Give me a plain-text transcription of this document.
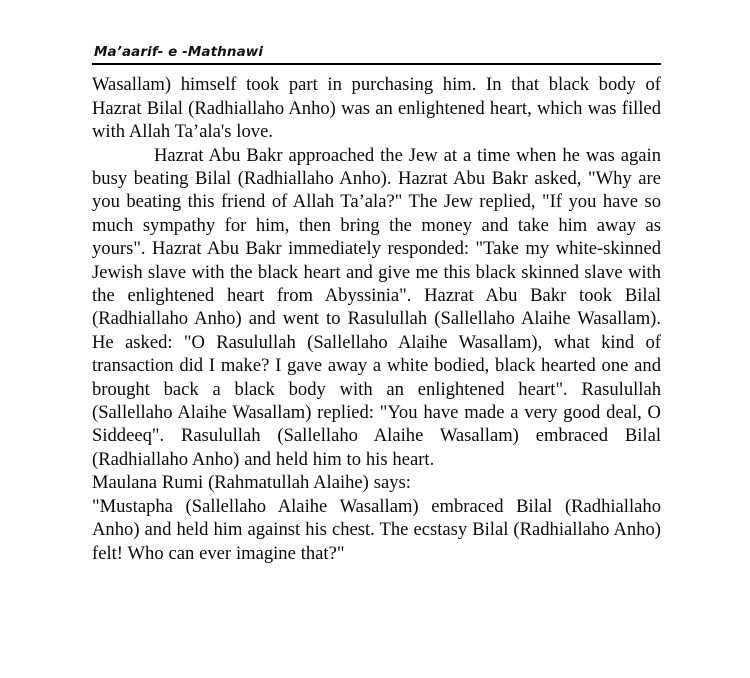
Ma’aarif- e -Mathnawi

Wasallam) himself took part in purchasing him. In that black body of Hazrat Bilal (Radhiallaho Anho) was an enlightened heart, which was filled with Allah Ta’ala's love.

Hazrat Abu Bakr approached the Jew at a time when he was again busy beating Bilal (Radhiallaho Anho). Hazrat Abu Bakr asked, "Why are you beating this friend of Allah Ta’ala?" The Jew replied, "If you have so much sympathy for him, then bring the money and take him away as yours". Hazrat Abu Bakr immediately responded: "Take my white-skinned Jewish slave with the black heart and give me this black skinned slave with the enlightened heart from Abyssinia". Hazrat Abu Bakr took Bilal (Radhiallaho Anho) and went to Rasulullah (Sallellaho Alaihe Wasallam). He asked: "O Rasulullah (Sallellaho Alaihe Wasallam), what kind of transaction did I make? I gave away a white bodied, black hearted one and brought back a black body with an enlightened heart". Rasulullah (Sallellaho Alaihe Wasallam) replied: "You have made a very good deal, O Siddeeq". Rasulullah (Sallellaho Alaihe Wasallam) embraced Bilal (Radhiallaho Anho) and held him to his heart.

Maulana Rumi (Rahmatullah Alaihe) says:

"Mustapha (Sallellaho Alaihe Wasallam) embraced Bilal (Radhiallaho Anho) and held him against his chest. The ecstasy Bilal (Radhiallaho Anho) felt! Who can ever imagine that?"
